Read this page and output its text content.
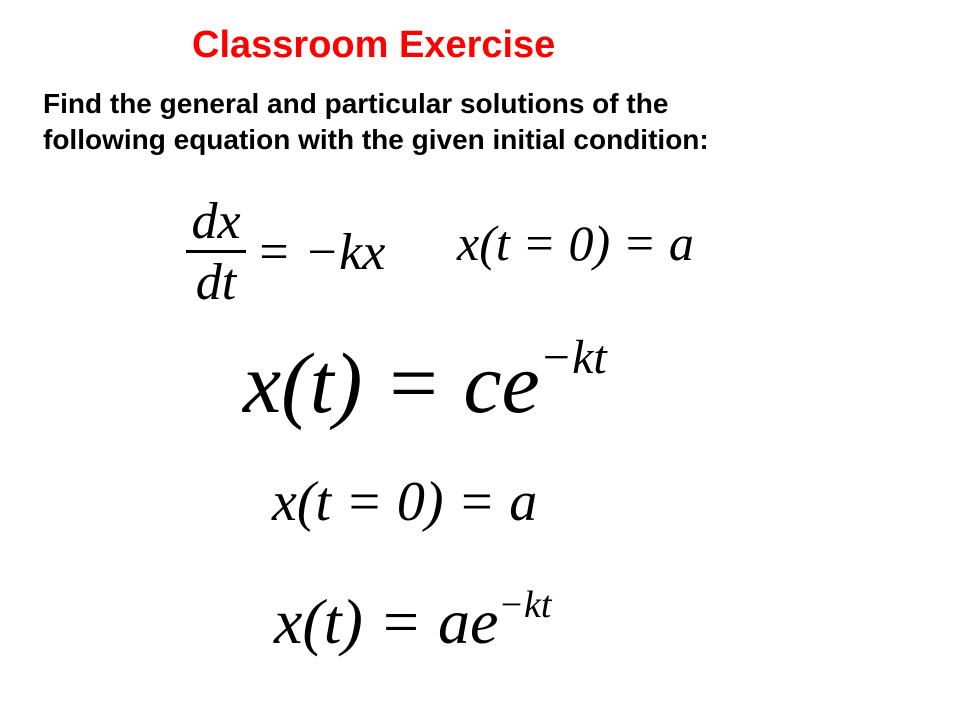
Classroom Exercise
Find the general and particular solutions of the
following equation with the given initial condition:
$\frac{dx}{dt} = -kx$ x(t = 0) = a
$x(t) = ce^{-kt}$
x(t = 0) = a
$x(t) = ae^{-kt}$
